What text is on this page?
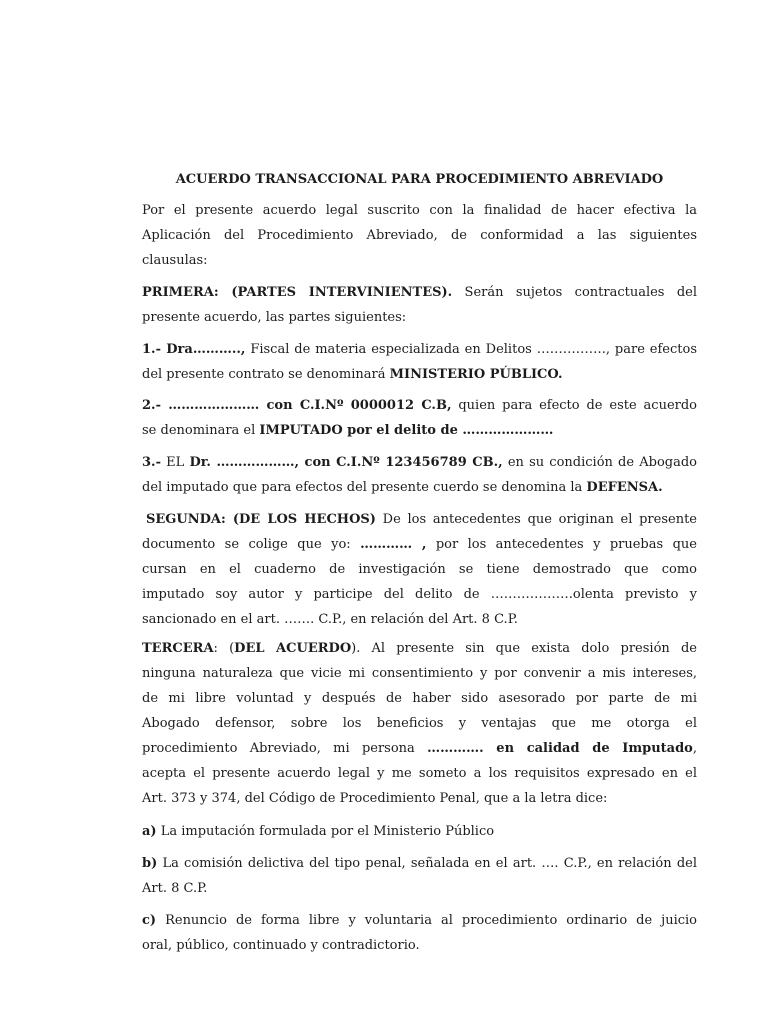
ACUERDO TRANSACCIONAL PARA PROCEDIMIENTO ABREVIADO
Por el presente acuerdo legal suscrito con la finalidad de hacer efectiva la
Aplicación del Procedimiento Abreviado, de conformidad a las siguientes
clausulas:
PRIMERA: (PARTES INTERVINIENTES). Serán sujetos contractuales del
presente acuerdo, las partes siguientes:
1.- Dra……….., Fiscal de materia especializada en Delitos ……………., pare efectos
del presente contrato se denominará MINISTERIO PÚBLICO.
2.- ………………… con C.I.Nº 0000012 C.B, quien para efecto de este acuerdo
se denominara el IMPUTADO por el delito de …………………
3.- EL Dr. ………………, con C.I.Nº 123456789 CB., en su condición de Abogado
del imputado que para efectos del presente cuerdo se denomina la DEFENSA.
SEGUNDA: (DE LOS HECHOS) De los antecedentes que originan el presente
documento se colige que yo: ………… , por los antecedentes y pruebas que
cursan en el cuaderno de investigación se tiene demostrado que como
imputado soy autor y participe del delito de ……………….olenta previsto y
sancionado en el art. ……. C.P., en relación del Art. 8 C.P.
TERCERA: (DEL ACUERDO). Al presente sin que exista dolo presión de
ninguna naturaleza que vicie mi consentimiento y por convenir a mis intereses,
de mi libre voluntad y después de haber sido asesorado por parte de mi
Abogado defensor, sobre los beneficios y ventajas que me otorga el
procedimiento Abreviado, mi persona …………. en calidad de Imputado,
acepta el presente acuerdo legal y me someto a los requisitos expresado en el
Art. 373 y 374, del Código de Procedimiento Penal, que a la letra dice:
a) La imputación formulada por el Ministerio Público
b) La comisión delictiva del tipo penal, señalada en el art. …. C.P., en relación del
Art. 8 C.P.
c) Renuncio de forma libre y voluntaria al procedimiento ordinario de juicio
oral, público, continuado y contradictorio.
